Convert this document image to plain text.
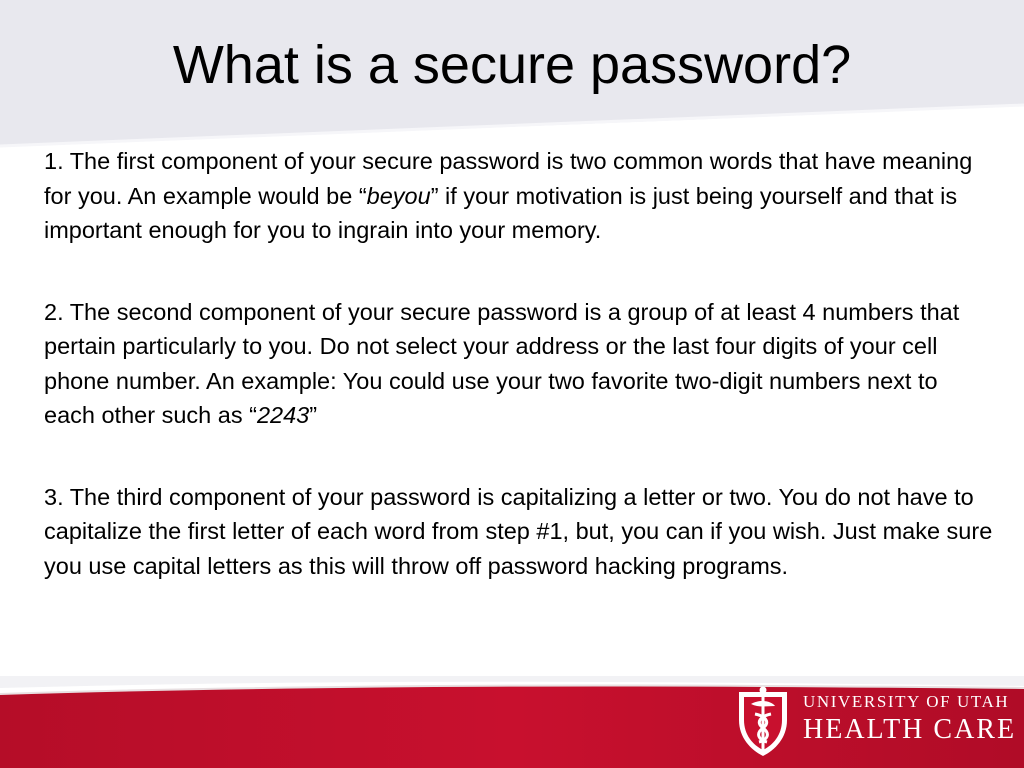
What is a secure password?

1. The first component of your secure password is two common words that have meaning for you. An example would be “beyou” if your motivation is just being yourself and that is important enough for you to ingrain into your memory.

2. The second component of your secure password is a group of at least 4 numbers that pertain particularly to you. Do not select your address or the last four digits of your cell phone number. An example: You could use your two favorite two-digit numbers next to each other such as “2243”

3. The third component of your password is capitalizing a letter or two. You do not have to capitalize the first letter of each word from step #1, but, you can if you wish. Just make sure you use capital letters as this will throw off password hacking programs.

UNIVERSITY OF UTAH
HEALTH CARE
